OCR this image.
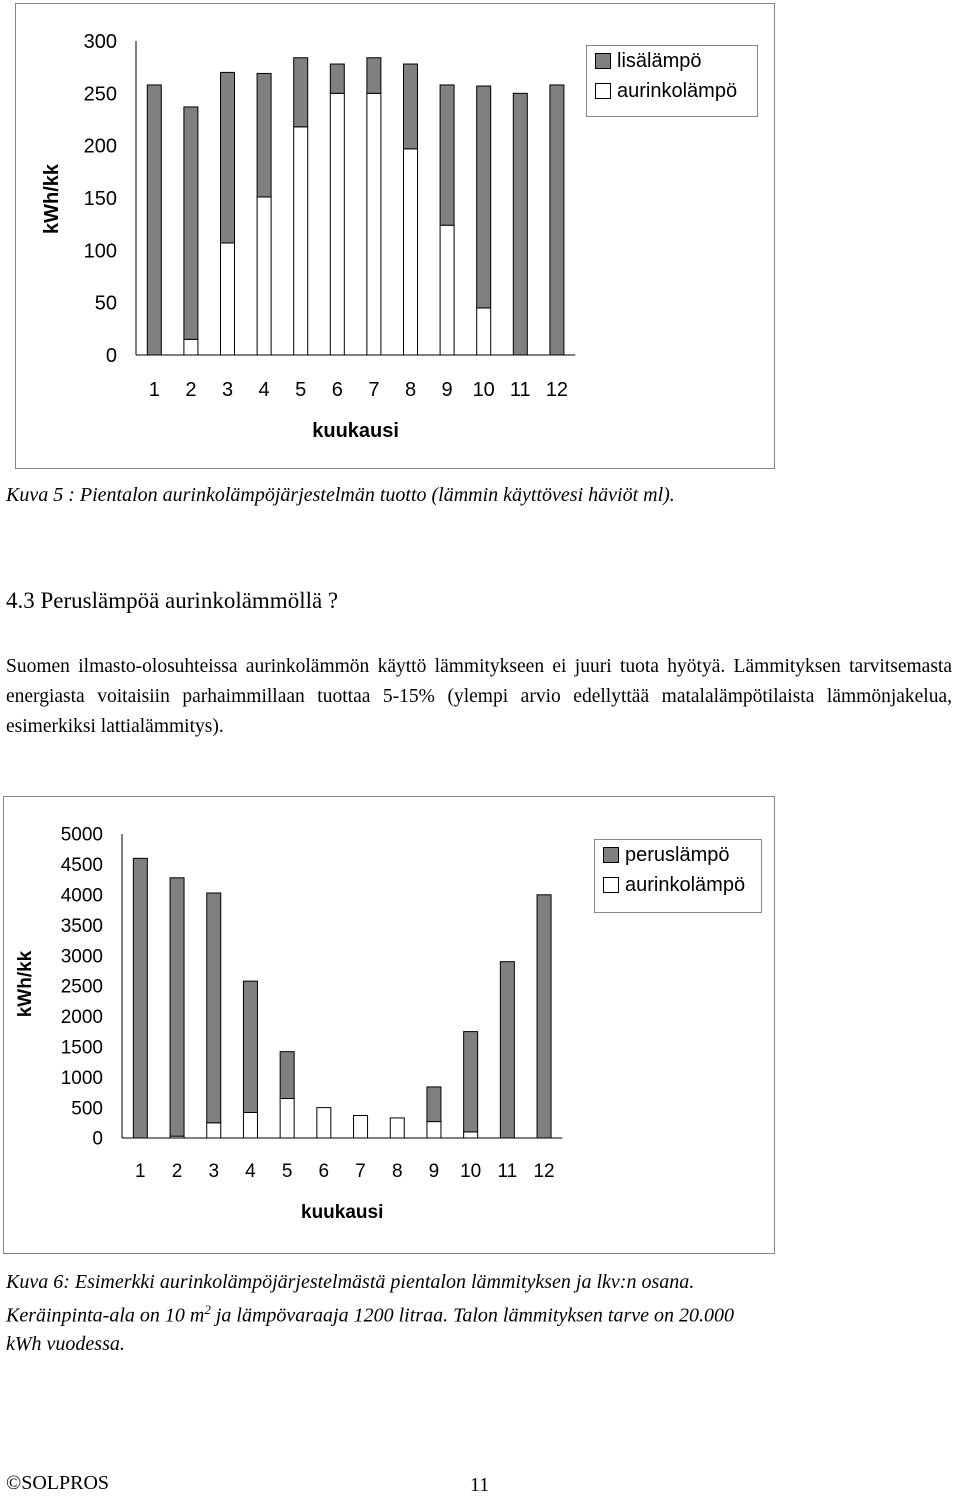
300
250
200
150
100
50
0
1 2 3 4 5 6 7 8 9 10 11 12
kuukausi
kWh/kk
lisälämpö
aurinkolämpö
Kuva 5 : Pientalon aurinkolämpöjärjestelmän tuotto (lämmin käyttövesi häviöt ml).
4.3 Peruslämpöä aurinkolämmöllä ?
Suomen ilmasto-olosuhteissa aurinkolämmön käyttö lämmitykseen ei juuri tuota hyötyä. Lämmityksen tarvitsemasta energiasta voitaisiin parhaimmillaan tuottaa 5-15% (ylempi arvio edellyttää matalalämpötilaista lämmönjakelua, esimerkiksi lattialämmitys).
5000
4500
4000
3500
3000
2500
2000
1500
1000
500
0
1 2 3 4 5 6 7 8 9 10 11 12
kuukausi
kWh/kk
peruslämpö
aurinkolämpö
Kuva 6: Esimerkki aurinkolämpöjärjestelmästä pientalon lämmityksen ja lkv:n osana.
Keräinpinta-ala on 10 $m^2$ ja lämpövaraaja 1200 litraa. Talon lämmityksen tarve on 20.000
kWh vuodessa.
©SOLPROS	11
